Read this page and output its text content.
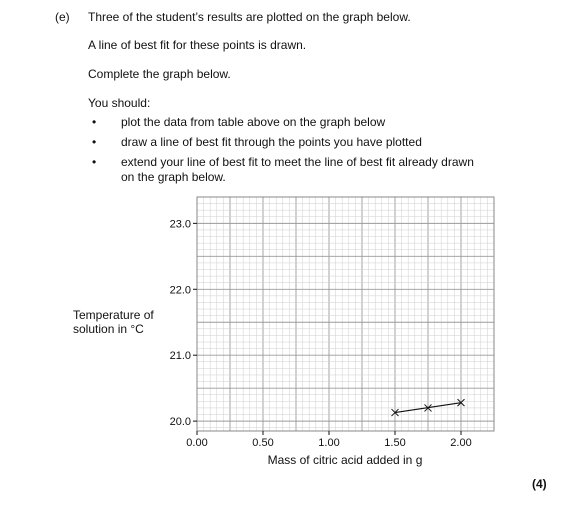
(e) Three of the student’s results are plotted on the graph below.
A line of best fit for these points is drawn.
Complete the graph below.
You should:
• plot the data from table above on the graph below
• draw a line of best fit through the points you have plotted
• extend your line of best fit to meet the line of best fit already drawn
on the graph below.
Temperature of
solution in °C
20.0
21.0
22.0
23.0
0.00	0.50	1.00	1.50	2.00
Mass of citric acid added in g
(4)
